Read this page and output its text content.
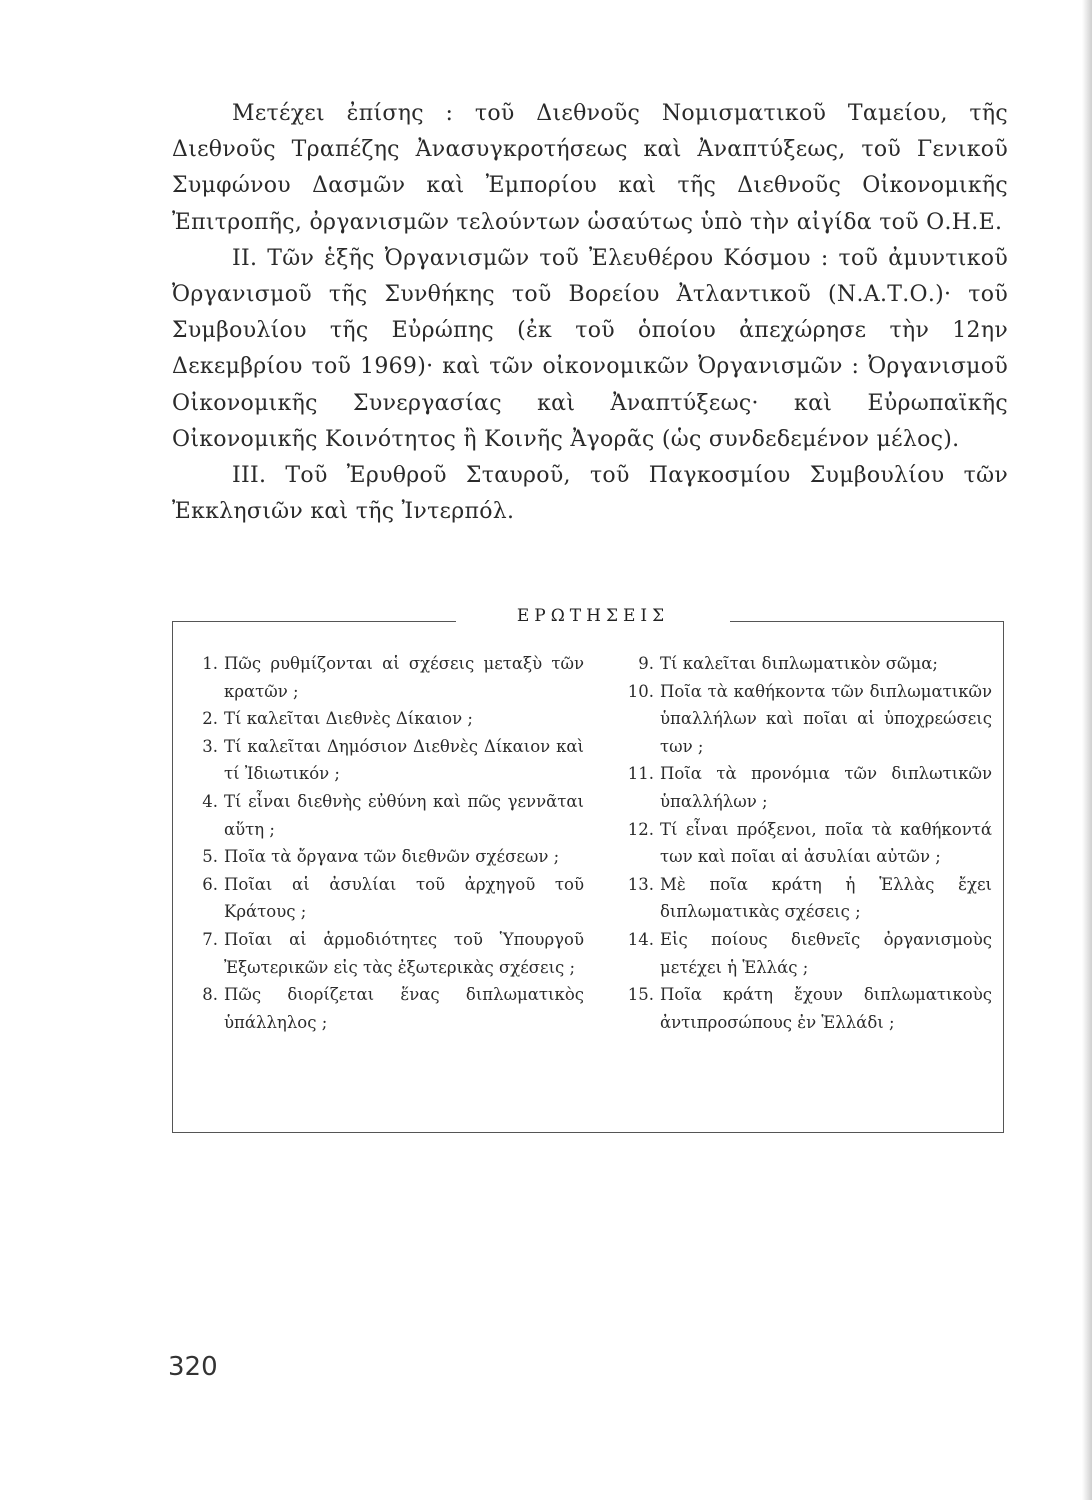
Μετέχει ἐπίσης : τοῦ Διεθνοῦς Νομισματικοῦ Ταμείου, τῆς Διεθνοῦς Τραπέζης Ἀνασυγκροτήσεως καὶ Ἀναπτύξεως, τοῦ Γενικοῦ Συμφώνου Δασμῶν καὶ Ἐμπορίου καὶ τῆς Διεθνοῦς Οἰκονομικῆς Ἐπιτροπῆς, ὀργανισμῶν τελούντων ὡσαύτως ὑπὸ τὴν αἰγίδα τοῦ Ο.Η.Ε.

II. Τῶν ἑξῆς Ὀργανισμῶν τοῦ Ἐλευθέρου Κόσμου : τοῦ ἀμυντικοῦ Ὀργανισμοῦ τῆς Συνθήκης τοῦ Βορείου Ἀτλαντικοῦ (Ν.Α.Τ.Ο.)· τοῦ Συμβουλίου τῆς Εὐρώπης (ἐκ τοῦ ὁποίου ἀπεχώρησε τὴν 12ην Δεκεμβρίου τοῦ 1969)· καὶ τῶν οἰκονομικῶν Ὀργανισμῶν : Ὀργανισμοῦ Οἰκονομικῆς Συνεργασίας καὶ Ἀναπτύξεως· καὶ Εὐρωπαϊκῆς Οἰκονομικῆς Κοινότητος ἢ Κοινῆς Ἀγορᾶς (ὡς συνδεδεμένον μέλος).

III. Τοῦ Ἐρυθροῦ Σταυροῦ, τοῦ Παγκοσμίου Συμβουλίου τῶν Ἐκκλησιῶν καὶ τῆς Ἰντερπόλ.

ΕΡΩΤΗΣΕΙΣ
1. Πῶς ρυθμίζονται αἱ σχέσεις μεταξὺ τῶν κρατῶν ;
2. Τί καλεῖται Διεθνὲς Δίκαιον ;
3. Τί καλεῖται Δημόσιον Διεθνὲς Δίκαιον καὶ τί Ἰδιωτικόν ;
4. Τί εἶναι διεθνὴς εὐθύνη καὶ πῶς γεννᾶται αὕτη ;
5. Ποῖα τὰ ὄργανα τῶν διεθνῶν σχέσεων ;
6. Ποῖαι αἱ ἀσυλίαι τοῦ ἀρχηγοῦ τοῦ Κράτους ;
7. Ποῖαι αἱ ἁρμοδιότητες τοῦ Ὑπουργοῦ Ἐξωτερικῶν εἰς τὰς ἐξωτερικὰς σχέσεις ;
8. Πῶς διορίζεται ἕνας διπλωματικὸς ὑπάλληλος ;
9. Τί καλεῖται διπλωματικὸν σῶμα;
10. Ποῖα τὰ καθήκοντα τῶν διπλωματικῶν ὑπαλλήλων καὶ ποῖαι αἱ ὑποχρεώσεις των ;
11. Ποῖα τὰ προνόμια τῶν διπλωτικῶν ὑπαλλήλων ;
12. Τί εἶναι πρόξενοι, ποῖα τὰ καθήκοντά των καὶ ποῖαι αἱ ἀσυλίαι αὐτῶν ;
13. Μὲ ποῖα κράτη ἡ Ἑλλὰς ἔχει διπλωματικὰς σχέσεις ;
14. Εἰς ποίους διεθνεῖς ὀργανισμοὺς μετέχει ἡ Ἑλλάς ;
15. Ποῖα κράτη ἔχουν διπλωματικοὺς ἀντιπροσώπους ἐν Ἑλλάδι ;
320
